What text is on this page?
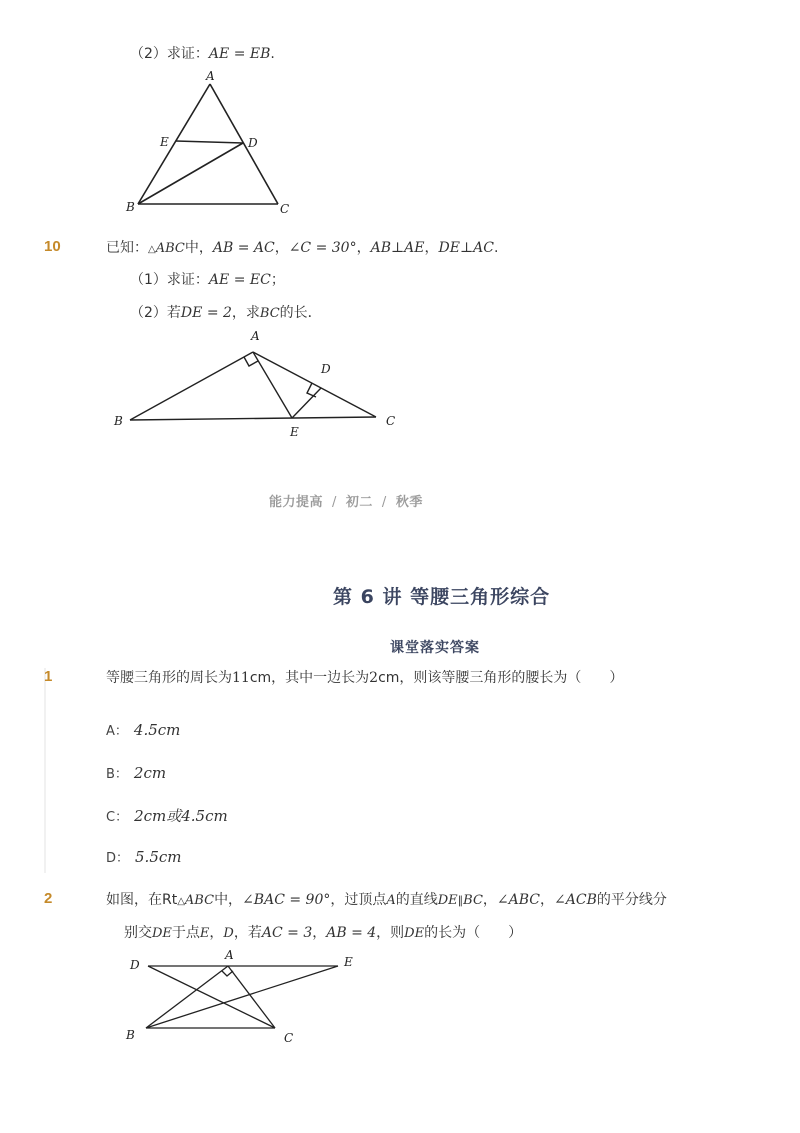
（2）求证：AE = EB.
A
E	D
B	C
10	已知：△ABC中，AB = AC，∠C = 30°，AB⊥AE，DE⊥AC.
（1）求证：AE = EC；
（2）若DE = 2，求BC的长．
A
D
B	C
E
能力提高 / 初二 / 秋季
第 6 讲 等腰三角形综合
课堂落实答案
1	等腰三角形的周长为11cm，其中一边长为2cm，则该等腰三角形的腰长为（　　）
A： 4.5cm
B： 2cm
C： 2cm或4.5cm
D： 5.5cm
2	如图，在Rt△ABC中，∠BAC = 90°，过顶点A的直线DE∥BC，∠ABC，∠ACB的平分线分
别交DE于点E，D，若AC = 3，AB = 4，则DE的长为（　　）
A
D	E
B	C
